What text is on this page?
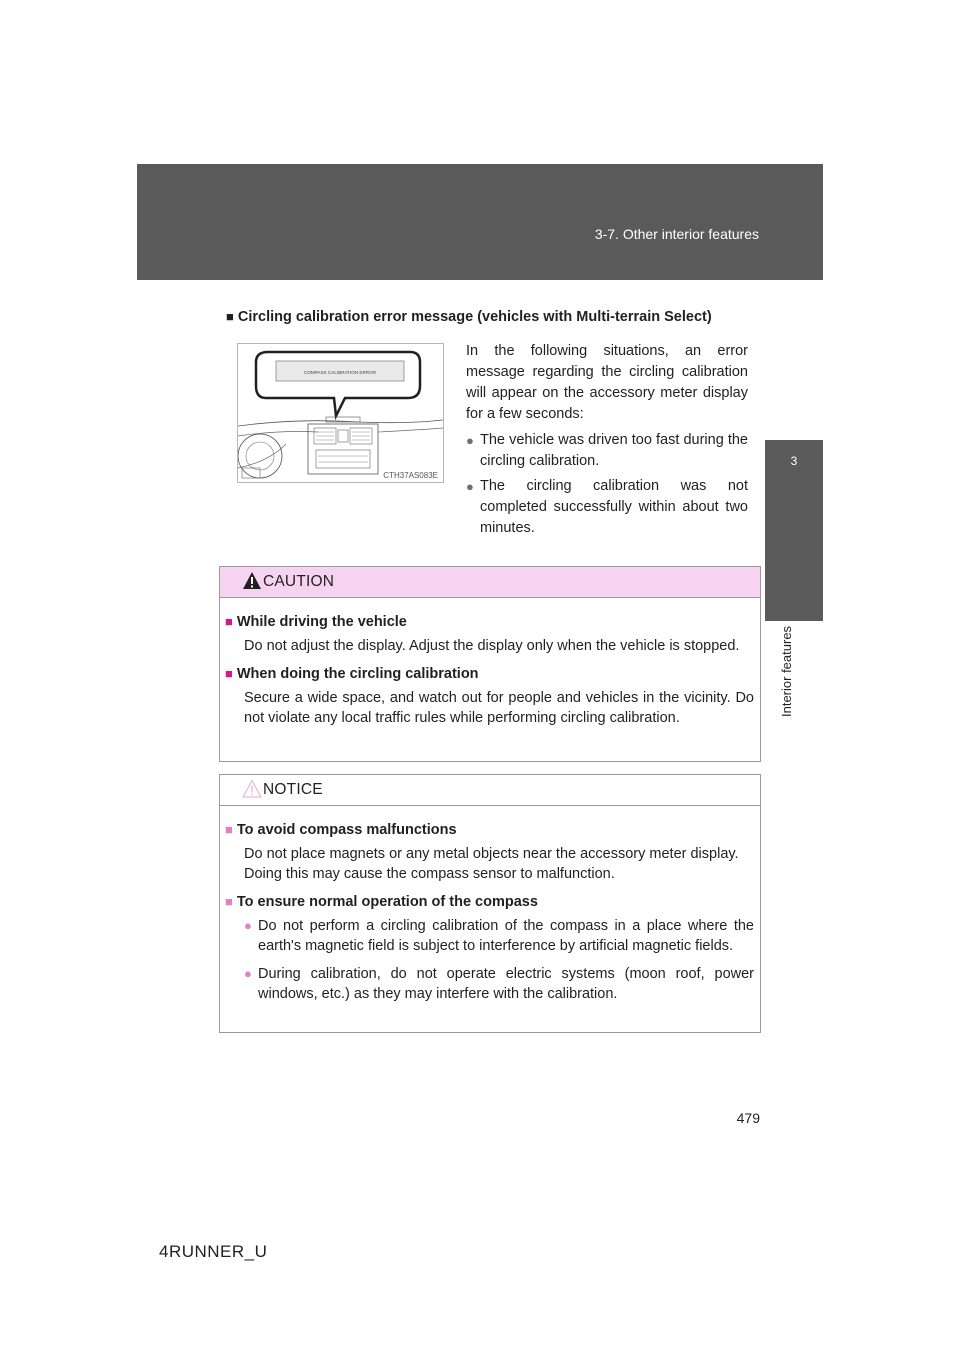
3-7. Other interior features
3
Interior features
■ Circling calibration error message (vehicles with Multi-terrain Select)
COMPASS CALIBRATION ERROR
CTH37AS083E

In the following situations, an error message regarding the circling calibration will appear on the accessory meter display for a few seconds:

● The vehicle was driven too fast during the circling calibration.
● The circling calibration was not completed successfully within about two minutes.
CAUTION
■ While driving the vehicle
Do not adjust the display. Adjust the display only when the vehicle is stopped.
■ When doing the circling calibration
Secure a wide space, and watch out for people and vehicles in the vicinity. Do not violate any local traffic rules while performing circling calibration.
NOTICE
■ To avoid compass malfunctions
Do not place magnets or any metal objects near the accessory meter display.
Doing this may cause the compass sensor to malfunction.
■ To ensure normal operation of the compass
● Do not perform a circling calibration of the compass in a place where the earth's magnetic field is subject to interference by artificial magnetic fields.
● During calibration, do not operate electric systems (moon roof, power windows, etc.) as they may interfere with the calibration.
479
4RUNNER_U
